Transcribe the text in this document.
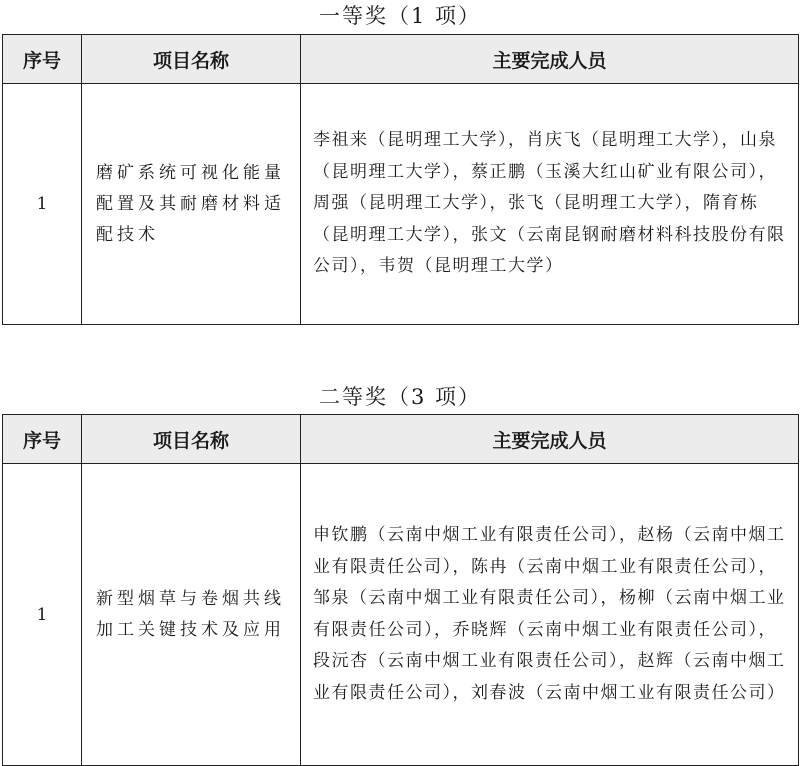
一等奖（1 项）
序号	项目名称	主要完成人员
1	磨矿系统可视化能量配置及其耐磨材料适配技术	李祖来（昆明理工大学），肖庆飞（昆明理工大学），山泉（昆明理工大学），蔡正鹏（玉溪大红山矿业有限公司），周强（昆明理工大学），张飞（昆明理工大学），隋育栋（昆明理工大学），张文（云南昆钢耐磨材料科技股份有限公司），韦贺（昆明理工大学）
二等奖（3 项）
序号	项目名称	主要完成人员
1	新型烟草与卷烟共线加工关键技术及应用	申钦鹏（云南中烟工业有限责任公司），赵杨（云南中烟工业有限责任公司），陈冉（云南中烟工业有限责任公司），邹泉（云南中烟工业有限责任公司），杨柳（云南中烟工业有限责任公司），乔晓辉（云南中烟工业有限责任公司），段沅杏（云南中烟工业有限责任公司），赵辉（云南中烟工业有限责任公司），刘春波（云南中烟工业有限责任公司）
